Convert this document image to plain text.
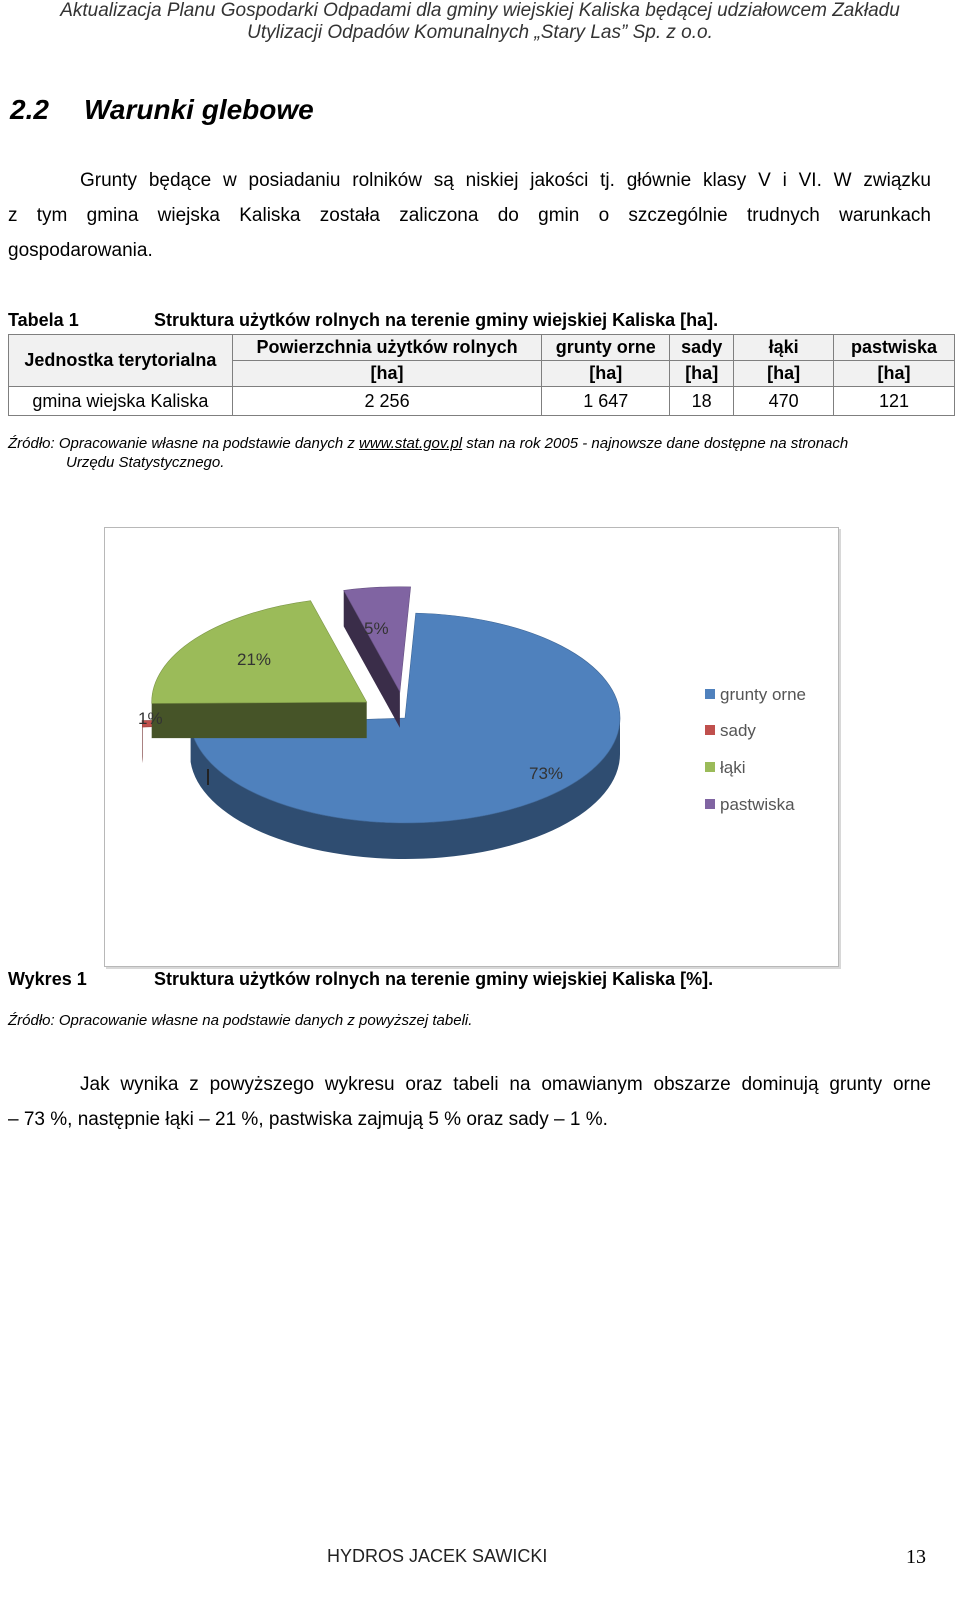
Aktualizacja Planu Gospodarki Odpadami dla gminy wiejskiej Kaliska będącej udziałowcem Zakładu
Utylizacji Odpadów Komunalnych „Stary Las” Sp. z o.o.
2.2 Warunki glebowe
Grunty będące w posiadaniu rolników są niskiej jakości tj. głównie klasy V i VI. W związku
z tym gmina wiejska Kaliska została zaliczona do gmin o szczególnie trudnych warunkach
gospodarowania.
Tabela 1	Struktura użytków rolnych na terenie gminy wiejskiej Kaliska [ha].
Jednostka terytorialna	Powierzchnia użytków rolnych	grunty orne	sady	łąki	pastwiska
	[ha]	[ha]	[ha]	[ha]	[ha]
gmina wiejska Kaliska	2 256	1 647	18	470	121
Źródło: Opracowanie własne na podstawie danych z www.stat.gov.pl stan na rok 2005 - najnowsze dane dostępne na stronach
Urzędu Statystycznego.
73%
1%
21%
5%
grunty orne
sady
łąki
pastwiska
Wykres 1	Struktura użytków rolnych na terenie gminy wiejskiej Kaliska [%].
Źródło: Opracowanie własne na podstawie danych z powyższej tabeli.
Jak wynika z powyższego wykresu oraz tabeli na omawianym obszarze dominują grunty orne
– 73 %, następnie łąki – 21 %, pastwiska zajmują 5 % oraz sady – 1 %.
HYDROS JACEK SAWICKI	13
